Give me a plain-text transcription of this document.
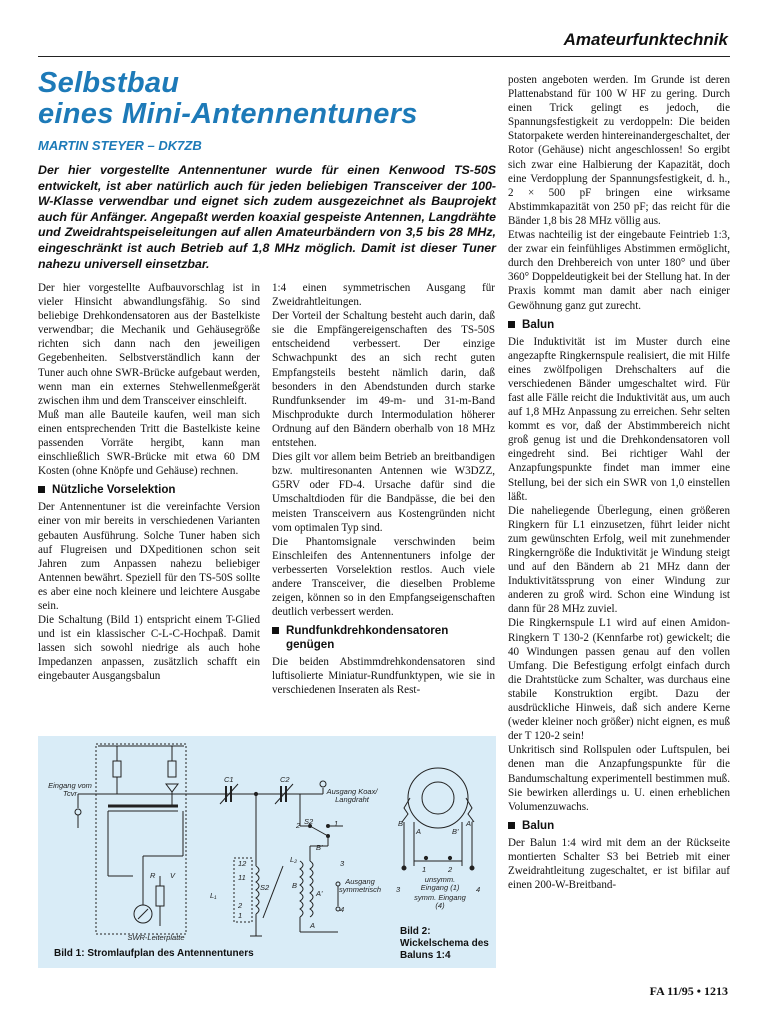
Amateurfunktechnik
Selbstbau
eines Mini-Antennentuners
MARTIN STEYER – DK7ZB

Der hier vorgestellte Antennentuner wurde für einen Kenwood TS-50S entwickelt, ist aber natürlich auch für jeden beliebigen Transceiver der 100-W-Klasse verwendbar und eignet sich zudem ausgezeichnet als Bauprojekt auch für Anfänger. Angepaßt werden koaxial gespeiste Antennen, Langdrähte und Zweidrahtspeiseleitungen auf allen Amateurbändern von 3,5 bis 28 MHz, eingeschränkt ist auch Betrieb auf 1,8 MHz möglich. Damit ist dieser Tuner nahezu universell einsetzbar.

Der hier vorgestellte Aufbauvorschlag ist in vieler Hinsicht abwandlungsfähig. So sind beliebige Drehkondensatoren aus der Bastelkiste verwendbar; die Mechanik und Gehäusegröße richten sich dann nach den jeweiligen Gegebenheiten. Selbstverständlich kann der Tuner auch ohne SWR-Brücke aufgebaut werden, wenn man ein externes Stehwellenmeßgerät zwischen ihm und dem Transceiver einschleift.

Muß man alle Bauteile kaufen, weil man sich einen entsprechenden Tritt die Bastelkiste keine passenden Vorräte hergibt, kann man einschließlich SWR-Brücke mit etwa 60 DM Kosten (ohne Knöpfe und Gehäuse) rechnen.

Nützliche Vorselektion

Der Antennentuner ist die vereinfachte Version einer von mir bereits in verschiedenen Varianten gebauten Ausführung. Solche Tuner haben sich auf Flugreisen und DXpeditionen schon seit Jahren zum Anpassen nahezu beliebiger Antennen bewährt. Speziell für den TS-50S sollte es aber eine noch kleinere und leichtere Ausgabe sein.

Die Schaltung (Bild 1) entspricht einem T-Glied und ist ein klassischer C-L-C-Hochpaß. Damit lassen sich sowohl niedrige als auch hohe Impedanzen anpassen, zusätzlich schafft ein eingebauter Ausgangsbalun

1:4 einen symmetrischen Ausgang für Zweidrahtleitungen.

Der Vorteil der Schaltung besteht auch darin, daß sie die Empfängereigenschaften des TS-50S entscheidend verbessert. Der einzige Schwachpunkt des an sich recht guten Empfangsteils besteht nämlich darin, daß besonders in den Abendstunden durch starke Rundfunksender im 49-m- und 31-m-Band Mischprodukte durch Intermodulation höherer Ordnung auf den Bändern oberhalb von 18 MHz entstehen.

Dies gilt vor allem beim Betrieb an breitbandigen bzw. multiresonanten Antennen wie W3DZZ, G5RV oder FD-4. Ursache dafür sind die Umschaltdioden für die Bandpässe, die bei den meisten Transceivern aus Kostengründen nicht vom optimalen Typ sind.

Die Phantomsignale verschwinden beim Einschleifen des Antennentuners infolge der verbesserten Vorselektion restlos. Auch viele andere Transceiver, die dieselben Probleme zeigen, können so in den Empfangseigenschaften deutlich verbessert werden.

Rundfunkdrehkondensatoren genügen

Die beiden Abstimmdrehkondensatoren sind luftisolierte Miniatur-Rundfunktypen, wie sie in verschiedenen Inseraten als Rest-

posten angeboten werden. Im Grunde ist deren Plattenabstand für 100 W HF zu gering. Durch einen Trick gelingt es jedoch, die Spannungsfestigkeit zu verdoppeln: Die beiden Statorpakete werden hintereinandergeschaltet, der Rotor (Gehäuse) nicht angeschlossen! So ergibt sich zwar eine Halbierung der Kapazität, doch eine Verdopplung der Spannungsfestigkeit, d. h., 2 × 500 pF bringen eine wirksame Abstimmkapazität von 250 pF; das reicht für die Bänder 1,8 bis 28 MHz völlig aus.

Etwas nachteilig ist der eingebaute Feintrieb 1:3, der zwar ein feinfühliges Abstimmen ermöglicht, durch den Drehbereich von unter 180° und über 360° Doppeldeutigkeit bei der Stellung hat. In der Praxis kommt man damit aber nach einiger Gewöhnung ganz gut zurecht.

Balun

Die Induktivität ist im Muster durch eine angezapfte Ringkernspule realisiert, die mit Hilfe eines zwölfpoligen Drehschalters auf die verschiedenen Bänder umgeschaltet wird. Für fast alle Fälle reicht die Induktivität aus, um auch auf 1,8 MHz Anpassung zu erreichen. Sehr selten kommt es vor, daß der Abstimmbereich nicht groß genug ist und die Drehkondensatoren voll eingedreht sind. Bei richtiger Wahl der Anzapfungspunkte findet man immer eine Stellung, bei der sich ein SWR von 1,0 einstellen läßt.

Die naheliegende Überlegung, einen größeren Ringkern für L1 einzusetzen, führt leider nicht zum gewünschten Erfolg, weil mit zunehmender Ringkerngröße die Induktivität je Windung steigt und auf den Bändern ab 21 MHz dann der Induktivitätssprung von einer Windung zur anderen zu groß wird. Schon eine Windung ist dann für 28 MHz zuviel.

Die Ringkernspule L1 wird auf einen Amidon-Ringkern T 130-2 (Kennfarbe rot) gewickelt; die 40 Windungen passen genau auf den vollen Umfang. Die Befestigung erfolgt einfach durch die Drahtstücke zum Schalter, was durchaus eine stabile Konstruktion ergibt. Dazu der ausdrückliche Hinweis, daß sich andere Kerne (weder kleiner noch größer) nicht eignen, es muß der T 120-2 sein!

Unkritisch sind Rollspulen oder Luftspulen, bei denen man die Anzapfungspunkte für die Bandumschaltung experimentell bestimmen muß. Sie bewirken allerdings u. U. einen erheblichen Volumenzuwachs.

Balun

Der Balun 1:4 wird mit dem an der Rückseite montierten Schalter S3 bei Betrieb mit einer Zweidrahtleitung zugeschaltet, er ist bifilar auf einen 200-W-Breitband-

Eingang vom Tcvr
C1	C2
Ausgang Koax/ Langdraht
S2
B'
L₂	3
Ausgang symmetrisch
B
A'
4
A
2	1
R V
L₁
S2
12
11
2
1
SWR-Leiterplatte
B
A	B'
A'
1	2
3	4
unsymm. Eingang (1)
symm. Eingang (4)
Bild 1: Stromlaufplan des Antennentuners
Bild 2: Wickelschema des Baluns 1:4
FA 11/95 • 1213
